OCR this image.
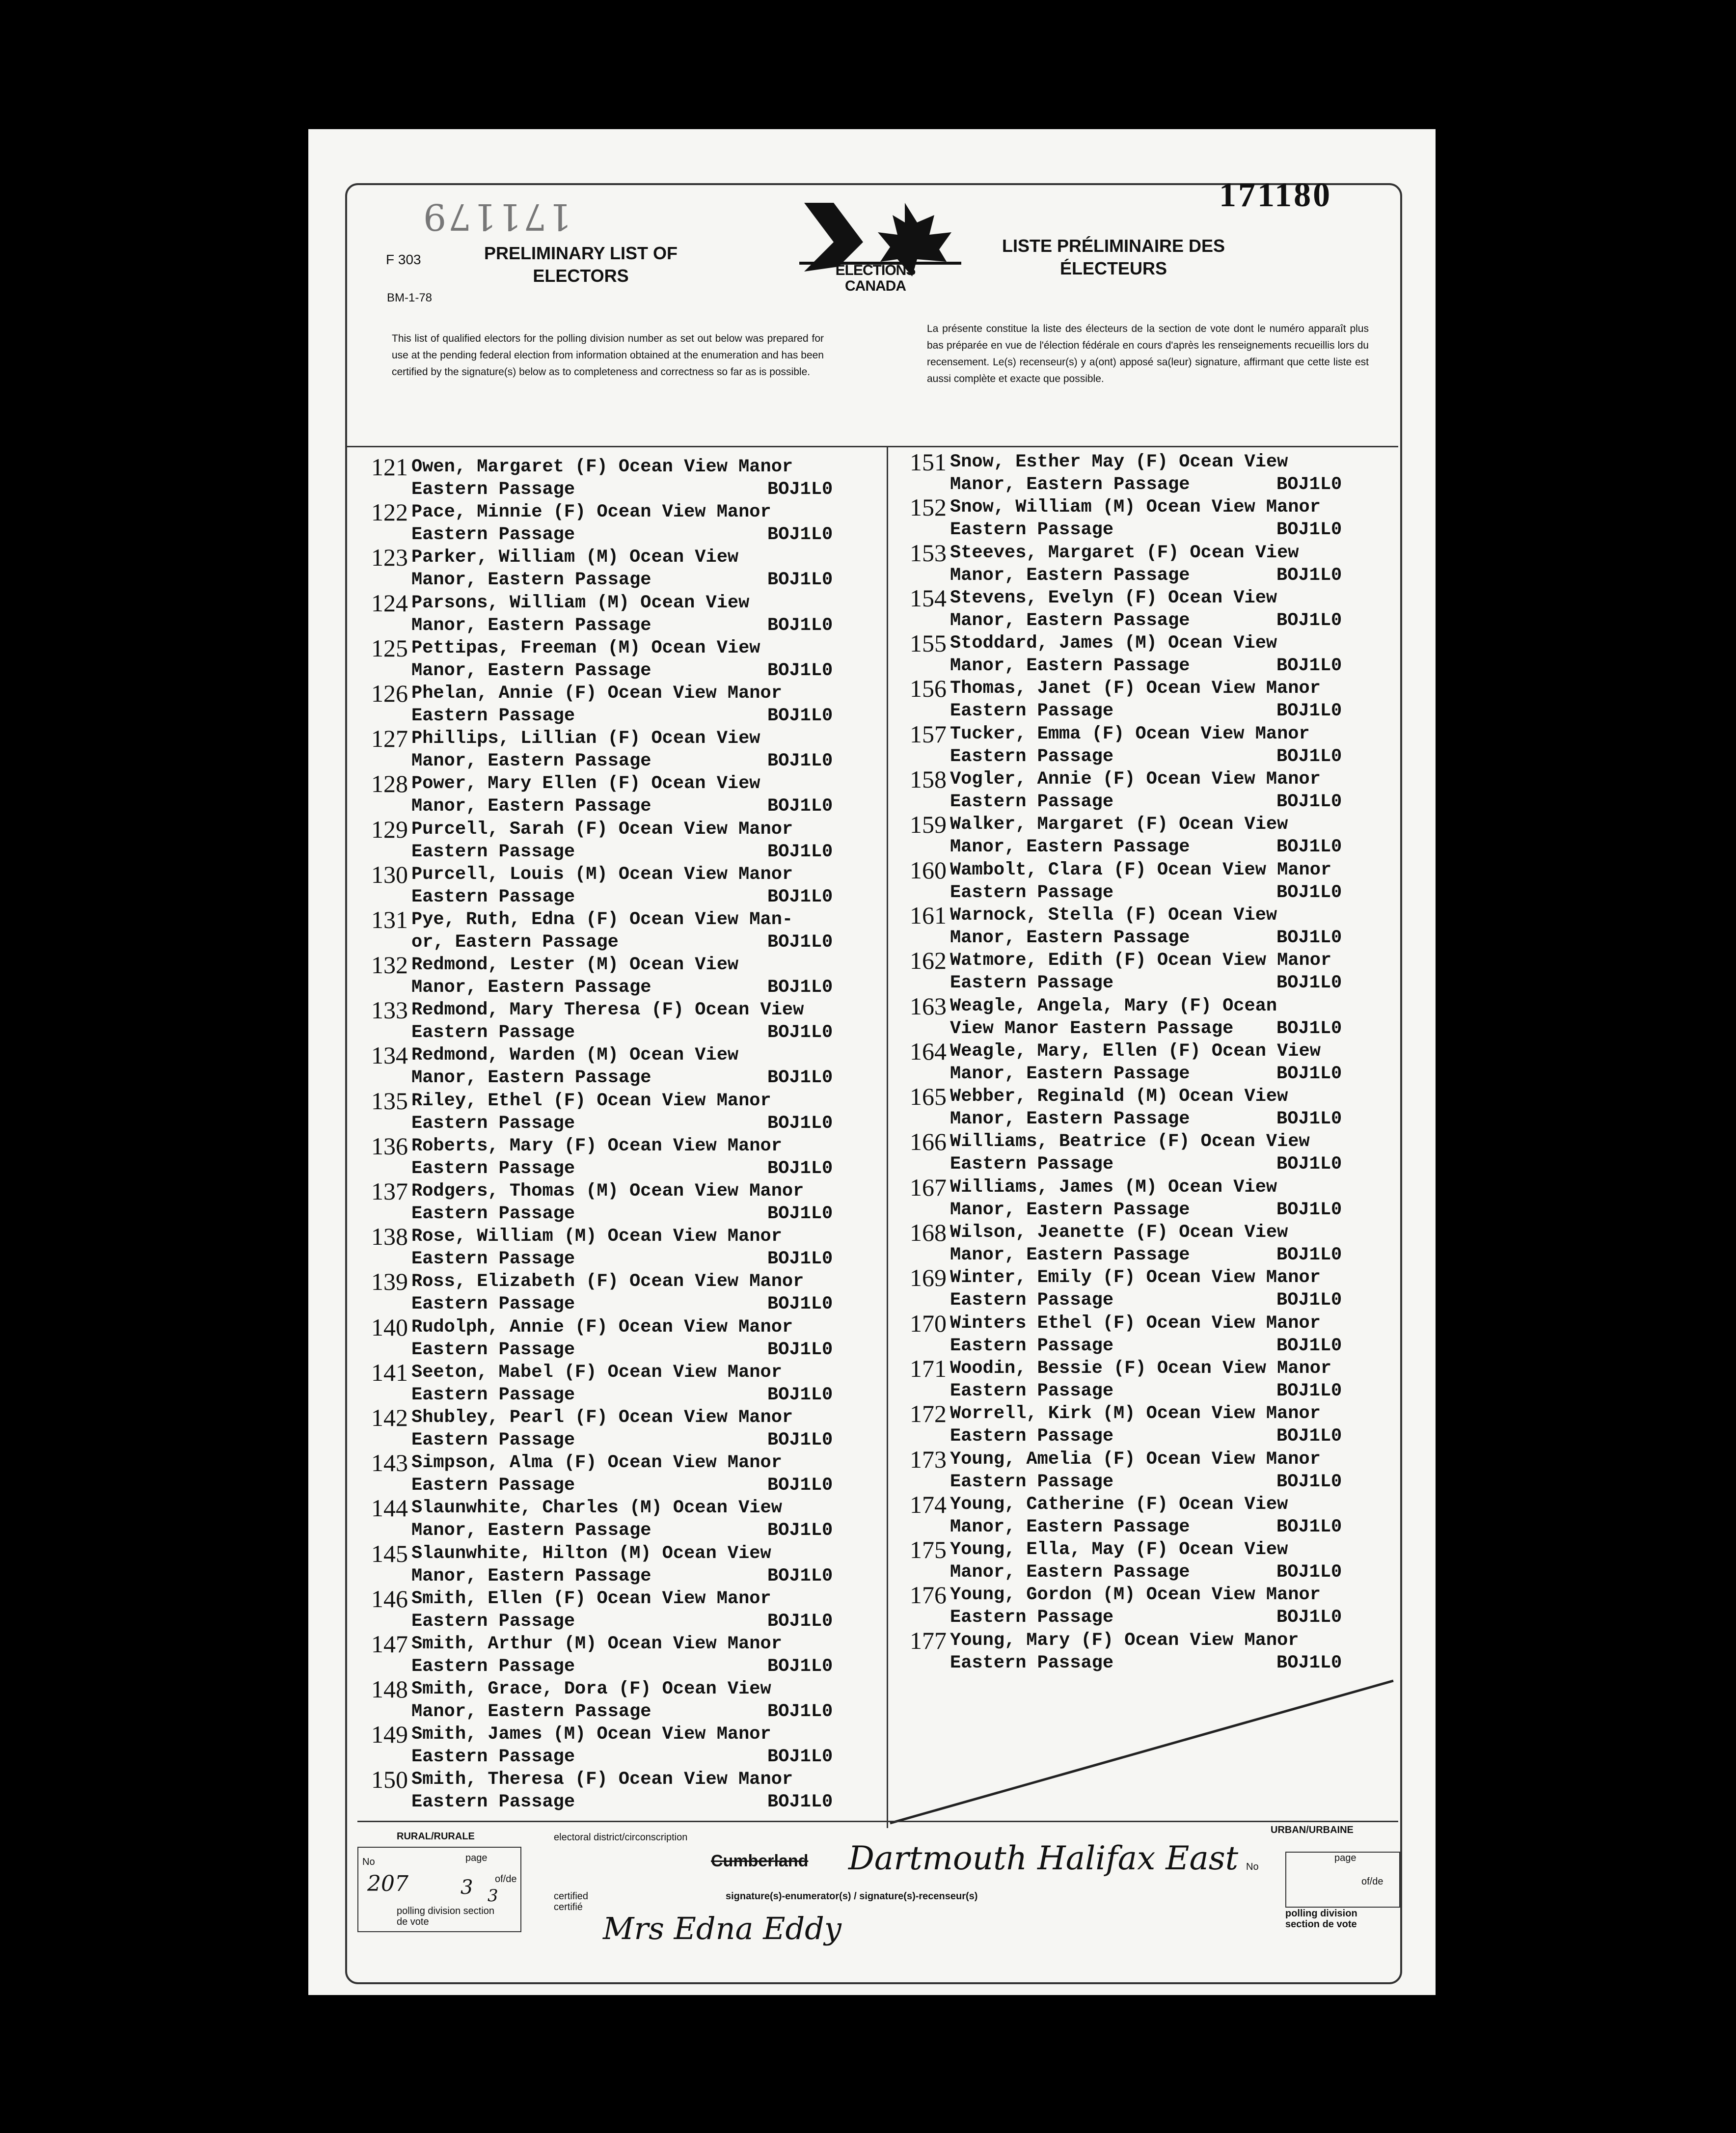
171179
171180
F 303
BM-1-78
PRELIMINARY LIST OF ELECTORS	ELECTIONS
CANADA
LISTE PRÉLIMINAIRE DES ÉLECTEURS
This list of qualified electors for the polling division number as set out below was prepared for use at the pending federal election from information obtained at the enumeration and has been certified by the signature(s) below as to completeness and correctness so far as is possible.
La présente constitue la liste des électeurs de la section de vote dont le numéro apparaît plus bas préparée en vue de l'élection fédérale en cours d'après les renseignements recueillis lors du recensement. Le(s) recenseur(s) y a(ont) apposé sa(leur) signature, affirmant que cette liste est aussi complète et exacte que possible.
121 Owen, Margaret (F) Ocean View Manor
Eastern Passage	BOJ1L0
122 Pace, Minnie (F) Ocean View Manor
Eastern Passage	BOJ1L0
123 Parker, William (M) Ocean View
Manor, Eastern Passage	BOJ1L0
124 Parsons, William (M) Ocean View
Manor, Eastern Passage	BOJ1L0
125 Pettipas, Freeman (M) Ocean View
Manor, Eastern Passage	BOJ1L0
126 Phelan, Annie (F) Ocean View Manor
Eastern Passage	BOJ1L0
127 Phillips, Lillian (F) Ocean View
Manor, Eastern Passage	BOJ1L0
128 Power, Mary Ellen (F) Ocean View
Manor, Eastern Passage	BOJ1L0
129 Purcell, Sarah (F) Ocean View Manor
Eastern Passage	BOJ1L0
130 Purcell, Louis (M) Ocean View Manor
Eastern Passage	BOJ1L0
131 Pye, Ruth, Edna (F) Ocean View Man-
or, Eastern Passage	BOJ1L0
132 Redmond, Lester (M) Ocean View
Manor, Eastern Passage	BOJ1L0
133 Redmond, Mary Theresa (F) Ocean View
Eastern Passage	BOJ1L0
134 Redmond, Warden (M) Ocean View
Manor, Eastern Passage	BOJ1L0
135 Riley, Ethel (F) Ocean View Manor
Eastern Passage	BOJ1L0
136 Roberts, Mary (F) Ocean View Manor
Eastern Passage	BOJ1L0
137 Rodgers, Thomas (M) Ocean View Manor
Eastern Passage	BOJ1L0
138 Rose, William (M) Ocean View Manor
Eastern Passage	BOJ1L0
139 Ross, Elizabeth (F) Ocean View Manor
Eastern Passage	BOJ1L0
140 Rudolph, Annie (F) Ocean View Manor
Eastern Passage	BOJ1L0
141 Seeton, Mabel (F) Ocean View Manor
Eastern Passage	BOJ1L0
142 Shubley, Pearl (F) Ocean View Manor
Eastern Passage	BOJ1L0
143 Simpson, Alma (F) Ocean View Manor
Eastern Passage	BOJ1L0
144 Slaunwhite, Charles (M) Ocean View
Manor, Eastern Passage	BOJ1L0
145 Slaunwhite, Hilton (M) Ocean View
Manor, Eastern Passage	BOJ1L0
146 Smith, Ellen (F) Ocean View Manor
Eastern Passage	BOJ1L0
147 Smith, Arthur (M) Ocean View Manor
Eastern Passage	BOJ1L0
148 Smith, Grace, Dora (F) Ocean View
Manor, Eastern Passage	BOJ1L0
149 Smith, James (M) Ocean View Manor
Eastern Passage	BOJ1L0
150 Smith, Theresa (F) Ocean View Manor
Eastern Passage	BOJ1L0
151 Snow, Esther May (F) Ocean View
Manor, Eastern Passage	BOJ1L0
152 Snow, William (M) Ocean View Manor
Eastern Passage	BOJ1L0
153 Steeves, Margaret (F) Ocean View
Manor, Eastern Passage	BOJ1L0
154 Stevens, Evelyn (F) Ocean View
Manor, Eastern Passage	BOJ1L0
155 Stoddard, James (M) Ocean View
Manor, Eastern Passage	BOJ1L0
156 Thomas, Janet (F) Ocean View Manor
Eastern Passage	BOJ1L0
157 Tucker, Emma (F) Ocean View Manor
Eastern Passage	BOJ1L0
158 Vogler, Annie (F) Ocean View Manor
Eastern Passage	BOJ1L0
159 Walker, Margaret (F) Ocean View
Manor, Eastern Passage	BOJ1L0
160 Wambolt, Clara (F) Ocean View Manor
Eastern Passage	BOJ1L0
161 Warnock, Stella (F) Ocean View
Manor, Eastern Passage	BOJ1L0
162 Watmore, Edith (F) Ocean View Manor
Eastern Passage	BOJ1L0
163 Weagle, Angela, Mary (F) Ocean
View Manor Eastern Passage BOJ1L0
164 Weagle, Mary, Ellen (F) Ocean View
Manor, Eastern Passage	BOJ1L0
165 Webber, Reginald (M) Ocean View
Manor, Eastern Passage	BOJ1L0
166 Williams, Beatrice (F) Ocean View
Eastern Passage	BOJ1L0
167 Williams, James (M) Ocean View
Manor, Eastern Passage	BOJ1L0
168 Wilson, Jeanette (F) Ocean View
Manor, Eastern Passage	BOJ1L0
169 Winter, Emily (F) Ocean View Manor
Eastern Passage	BOJ1L0
170 Winters Ethel (F) Ocean View Manor
Eastern Passage	BOJ1L0
171 Woodin, Bessie (F) Ocean View Manor
Eastern Passage	BOJ1L0
172 Worrell, Kirk (M) Ocean View Manor
Eastern Passage	BOJ1L0
173 Young, Amelia (F) Ocean View Manor
Eastern Passage	BOJ1L0
174 Young, Catherine (F) Ocean View
Manor, Eastern Passage	BOJ1L0
175 Young, Ella, May (F) Ocean View
Manor, Eastern Passage	BOJ1L0
176 Young, Gordon (M) Ocean View Manor
Eastern Passage	BOJ1L0
177 Young, Mary (F) Ocean View Manor
Eastern Passage	BOJ1L0
RURAL/RURALE
No	page
of/de
207	3 3
polling division section de vote
electoral district/circonscription
Cumberland Dartmouth Halifax East
signature(s)-enumerator(s) / signature(s)-recenseur(s)
certified certifié
Mrs Edna Eddy
URBAN/URBAINE
No
page
of/de
polling division section de vote
